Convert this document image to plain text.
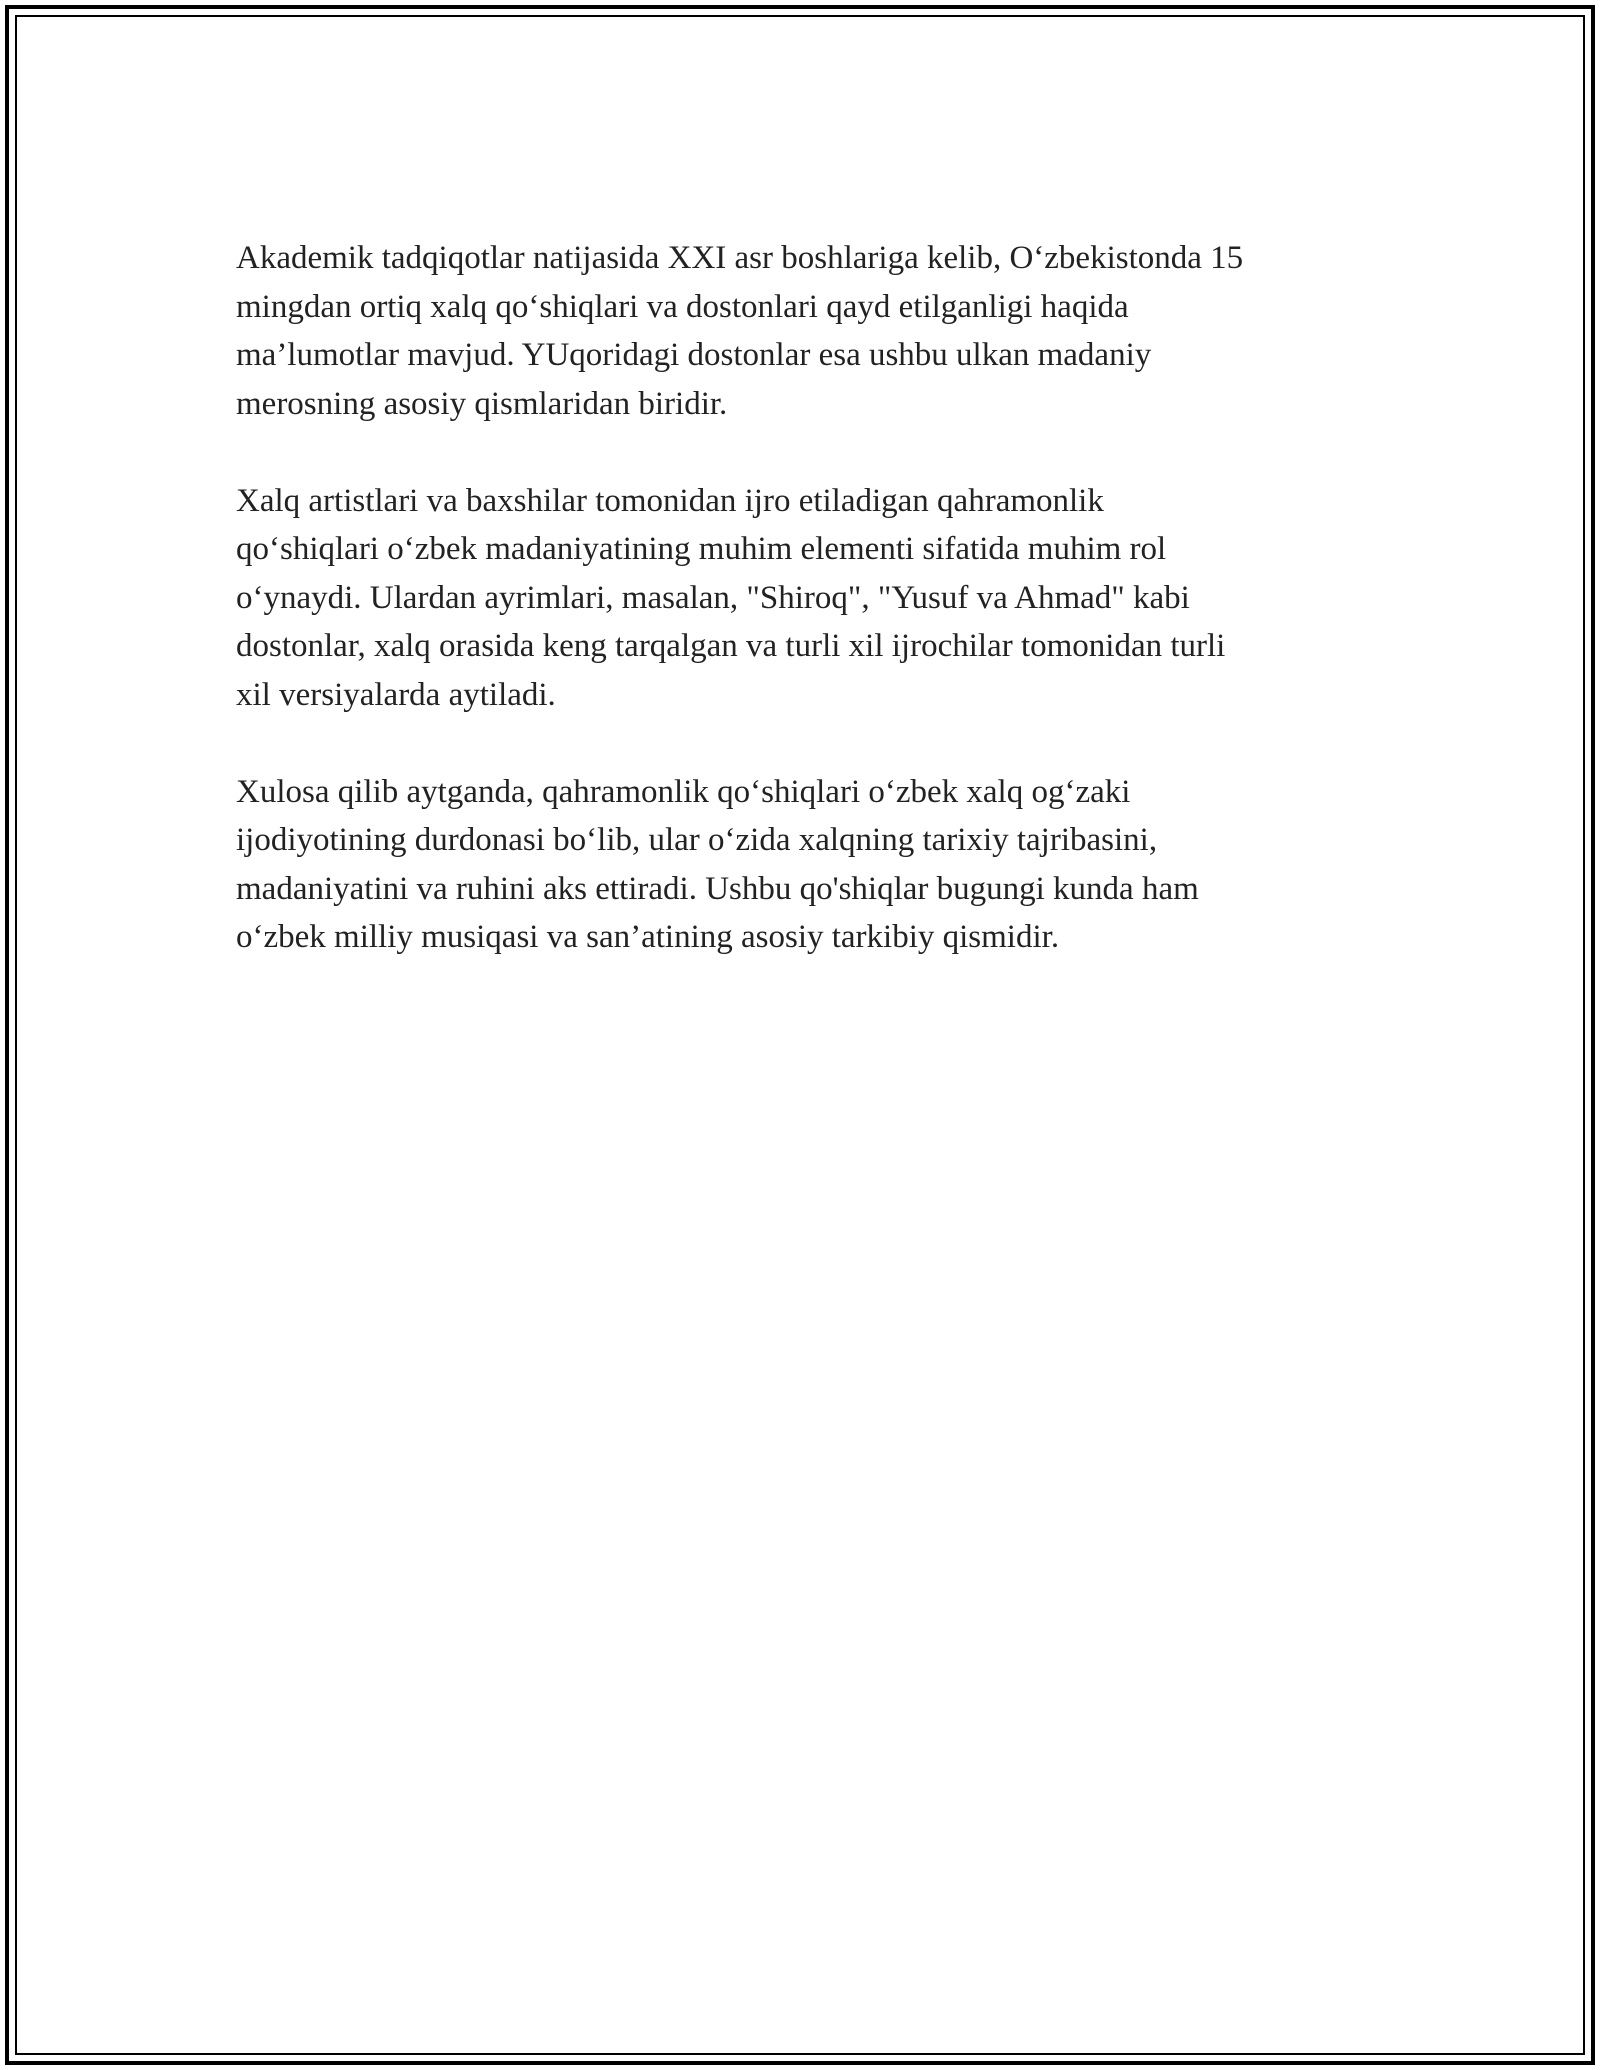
Akademik tadqiqotlar natijasida XXI asr boshlariga kelib, O‘zbekistonda 15
mingdan ortiq xalq qo‘shiqlari va dostonlari qayd etilganligi haqida
ma’lumotlar mavjud. YUqoridagi dostonlar esa ushbu ulkan madaniy
merosning asosiy qismlaridan biridir.

Xalq artistlari va baxshilar tomonidan ijro etiladigan qahramonlik
qo‘shiqlari o‘zbek madaniyatining muhim elementi sifatida muhim rol
o‘ynaydi. Ulardan ayrimlari, masalan, "Shiroq", "Yusuf va Ahmad" kabi
dostonlar, xalq orasida keng tarqalgan va turli xil ijrochilar tomonidan turli
xil versiyalarda aytiladi.

Xulosa qilib aytganda, qahramonlik qo‘shiqlari o‘zbek xalq og‘zaki
ijodiyotining durdonasi bo‘lib, ular o‘zida xalqning tarixiy tajribasini,
madaniyatini va ruhini aks ettiradi. Ushbu qo'shiqlar bugungi kunda ham
o‘zbek milliy musiqasi va san’atining asosiy tarkibiy qismidir.
